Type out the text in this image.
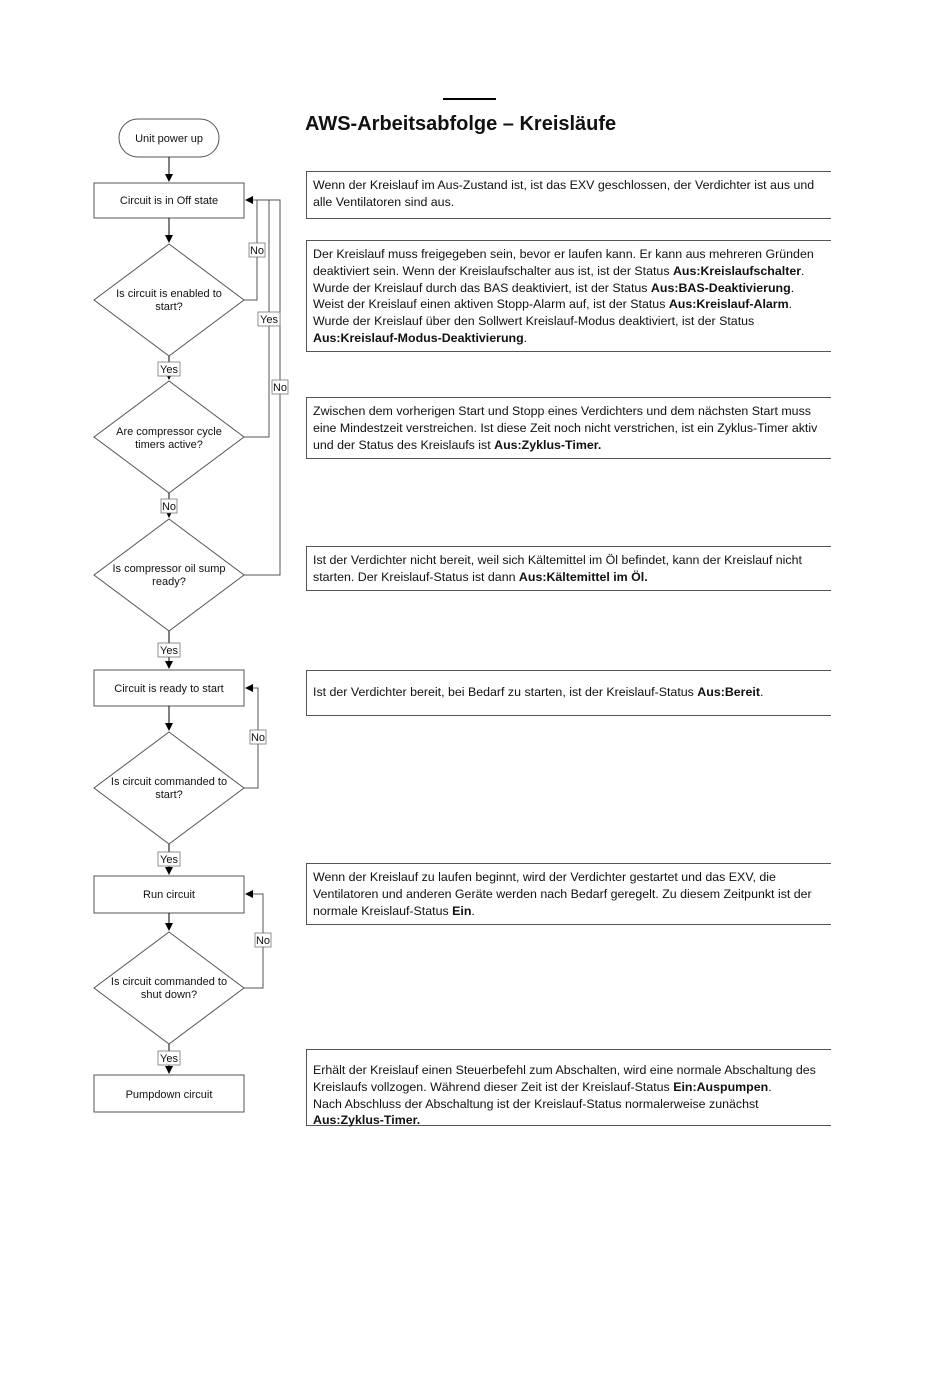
AWS-Arbeitsabfolge – Kreisläufe
Unit power up
Circuit is in Off state
Is circuit is enabled to
start?
Are compressor cycle
timers active?
Is compressor oil sump
ready?
Circuit is ready to start
Is circuit commanded to
start?
Run circuit
Is circuit commanded to
shut down?
Pumpdown circuit
No
Yes
Yes
No
No
Yes
No
Yes
No
Yes
Wenn der Kreislauf im Aus-Zustand ist, ist das EXV geschlossen, der Verdichter ist aus und alle Ventilatoren sind aus.
Der Kreislauf muss freigegeben sein, bevor er laufen kann. Er kann aus mehreren Gründen deaktiviert sein. Wenn der Kreislaufschalter aus ist, ist der Status Aus:Kreislaufschalter. Wurde der Kreislauf durch das BAS deaktiviert, ist der Status Aus:BAS-Deaktivierung. Weist der Kreislauf einen aktiven Stopp-Alarm auf, ist der Status Aus:Kreislauf-Alarm. Wurde der Kreislauf über den Sollwert Kreislauf-Modus deaktiviert, ist der Status Aus:Kreislauf-Modus-Deaktivierung.
Zwischen dem vorherigen Start und Stopp eines Verdichters und dem nächsten Start muss eine Mindestzeit verstreichen. Ist diese Zeit noch nicht verstrichen, ist ein Zyklus-Timer aktiv und der Status des Kreislaufs ist Aus:Zyklus-Timer.
Ist der Verdichter nicht bereit, weil sich Kältemittel im Öl befindet, kann der Kreislauf nicht starten. Der Kreislauf-Status ist dann Aus:Kältemittel im Öl.
Ist der Verdichter bereit, bei Bedarf zu starten, ist der Kreislauf-Status Aus:Bereit.
Wenn der Kreislauf zu laufen beginnt, wird der Verdichter gestartet und das EXV, die Ventilatoren und anderen Geräte werden nach Bedarf geregelt. Zu diesem Zeitpunkt ist der normale Kreislauf-Status Ein.
Erhält der Kreislauf einen Steuerbefehl zum Abschalten, wird eine normale Abschaltung des Kreislaufs vollzogen. Während dieser Zeit ist der Kreislauf-Status Ein:Auspumpen.
Nach Abschluss der Abschaltung ist der Kreislauf-Status normalerweise zunächst Aus:Zyklus-Timer.
